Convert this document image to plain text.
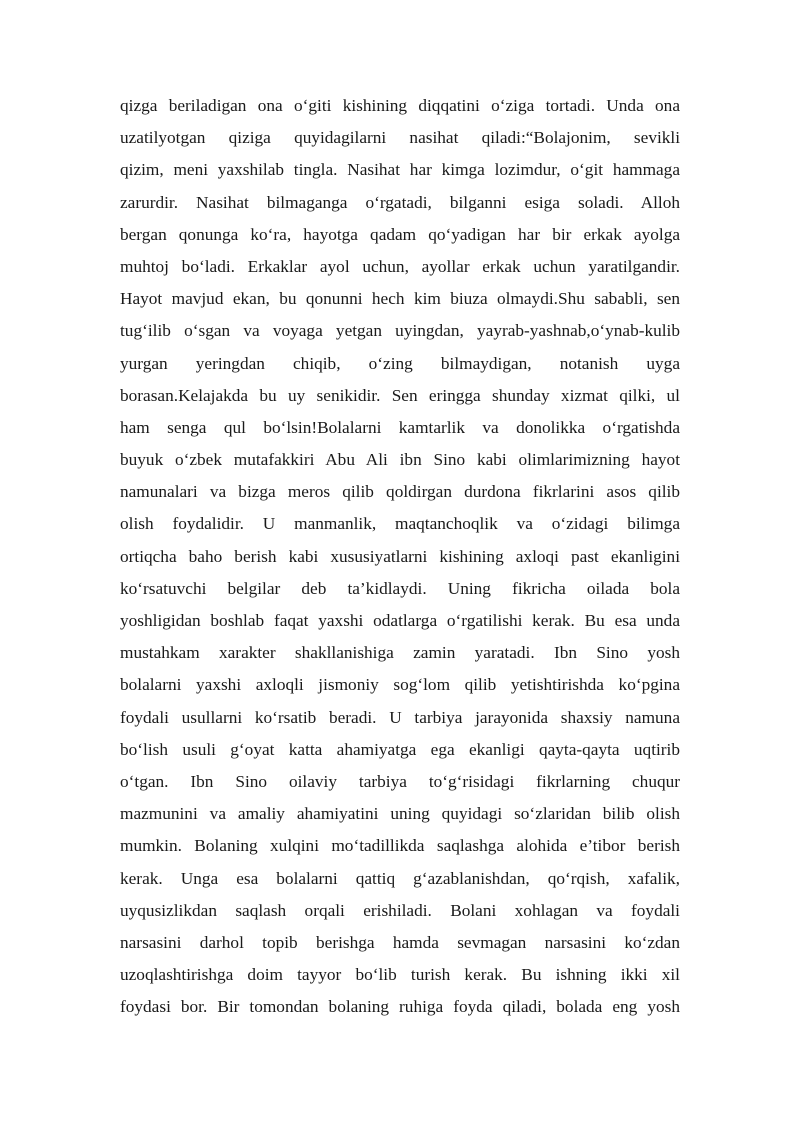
qizga beriladigan ona o‘giti kishining diqqatini o‘ziga tortadi. Unda ona
uzatilyotgan qiziga quyidagilarni nasihat qiladi:“Bolajonim, sevikli
qizim, meni yaxshilab tingla. Nasihat har kimga lozimdur, o‘git hammaga
zarurdir. Nasihat bilmaganga o‘rgatadi, bilganni esiga soladi. Alloh
bergan qonunga ko‘ra, hayotga qadam qo‘yadigan har bir erkak ayolga
muhtoj bo‘ladi. Erkaklar ayol uchun, ayollar erkak uchun yaratilgandir.
Hayot mavjud ekan, bu qonunni hech kim biuza olmaydi.Shu sababli, sen
tug‘ilib o‘sgan va voyaga yetgan uyingdan, yayrab-yashnab,o‘ynab-kulib
yurgan yeringdan chiqib, o‘zing bilmaydigan, notanish uyga
borasan.Kelajakda bu uy senikidir. Sen eringga shunday xizmat qilki, ul
ham senga qul bo‘lsin!Bolalarni kamtarlik va donolikka o‘rgatishda
buyuk o‘zbek mutafakkiri Abu Ali ibn Sino kabi olimlarimizning hayot
namunalari va bizga meros qilib qoldirgan durdona fikrlarini asos qilib
olish foydalidir. U manmanlik, maqtanchoqlik va o‘zidagi bilimga
ortiqcha baho berish kabi xususiyatlarni kishining axloqi past ekanligini
ko‘rsatuvchi belgilar deb ta’kidlaydi. Uning fikricha oilada bola
yoshligidan boshlab faqat yaxshi odatlarga o‘rgatilishi kerak. Bu esa unda
mustahkam xarakter shakllanishiga zamin yaratadi. Ibn Sino yosh
bolalarni yaxshi axloqli jismoniy sog‘lom qilib yetishtirishda ko‘pgina
foydali usullarni ko‘rsatib beradi. U tarbiya jarayonida shaxsiy namuna
bo‘lish usuli g‘oyat katta ahamiyatga ega ekanligi qayta-qayta uqtirib
o‘tgan. Ibn Sino oilaviy tarbiya to‘g‘risidagi fikrlarning chuqur
mazmunini va amaliy ahamiyatini uning quyidagi so‘zlaridan bilib olish
mumkin. Bolaning xulqini mo‘tadillikda saqlashga alohida e’tibor berish
kerak. Unga esa bolalarni qattiq g‘azablanishdan, qo‘rqish, xafalik,
uyqusizlikdan saqlash orqali erishiladi. Bolani xohlagan va foydali
narsasini darhol topib berishga hamda sevmagan narsasini ko‘zdan
uzoqlashtirishga doim tayyor bo‘lib turish kerak. Bu ishning ikki xil
foydasi bor. Bir tomondan bolaning ruhiga foyda qiladi, bolada eng yosh
